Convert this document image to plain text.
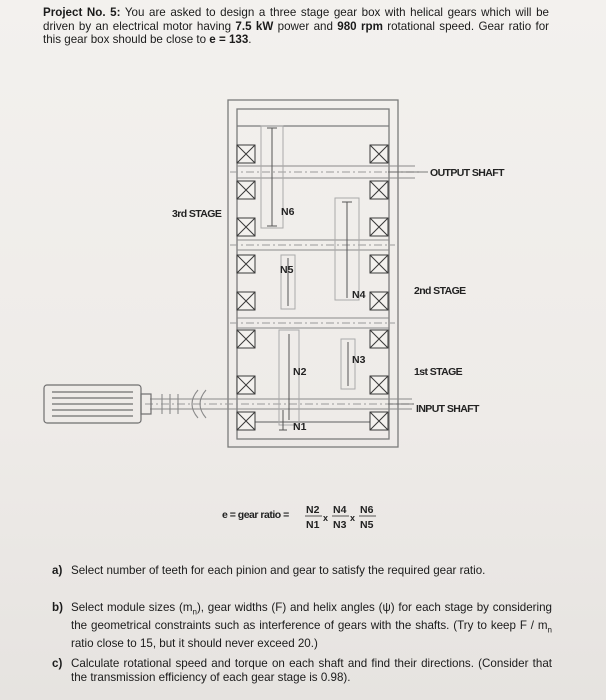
Project No. 5: You are asked to design a three stage gear box with helical gears which will be driven by an electrical motor having 7.5 kW power and 980 rpm rotational speed. Gear ratio for this gear box should be close to e = 133.
OUTPUT SHAFT
INPUT SHAFT
2nd STAGE
1st STAGE
3rd STAGE	N6
N5
N4
N3
N2
N1
e = gear ratio = N2
N1
x
N4
N3
x
N6
N5
a) Select number of teeth for each pinion and gear to satisfy the required gear ratio.
b) Select module sizes $(m_n)$, gear widths (F) and helix angles (ψ) for each stage by considering the geometrical constraints such as interference of gears with the shafts. (Try to keep F / $m_n$ ratio close to 15, but it should never exceed 20.)
c) Calculate rotational speed and torque on each shaft and find their directions. (Consider that the transmission efficiency of each gear stage is 0.98).
